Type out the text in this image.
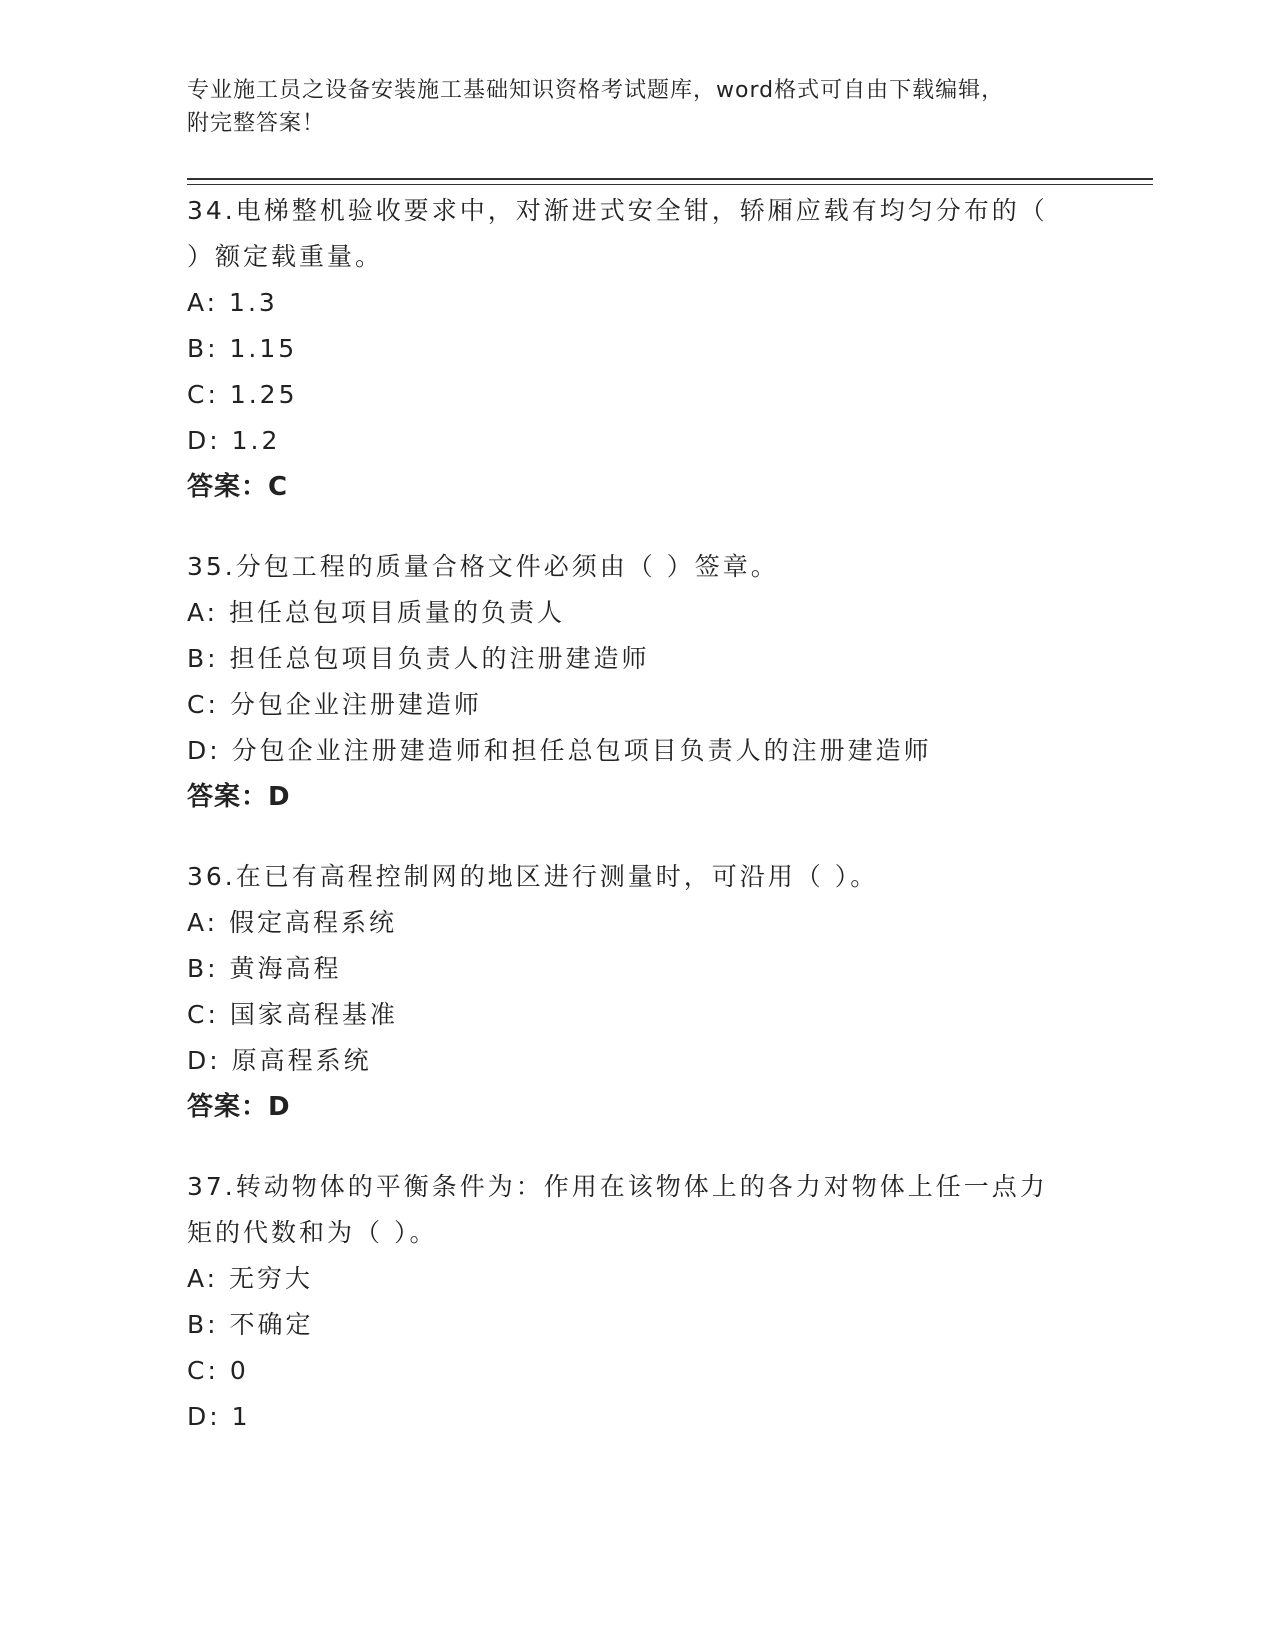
专业施工员之设备安装施工基础知识资格考试题库，word格式可自由下载编辑，
附完整答案！
34.电梯整机验收要求中，对渐进式安全钳，轿厢应载有均匀分布的（
）额定载重量。
A: 1.3
B: 1.15
C: 1.25
D: 1.2
答案：C
35.分包工程的质量合格文件必须由（ ）签章。
A: 担任总包项目质量的负责人
B: 担任总包项目负责人的注册建造师
C: 分包企业注册建造师
D: 分包企业注册建造师和担任总包项目负责人的注册建造师
答案：D
36.在已有高程控制网的地区进行测量时，可沿用（ ）。
A: 假定高程系统
B: 黄海高程
C: 国家高程基准
D: 原高程系统
答案：D
37.转动物体的平衡条件为：作用在该物体上的各力对物体上任一点力
矩的代数和为（ ）。
A: 无穷大
B: 不确定
C: 0
D: 1
